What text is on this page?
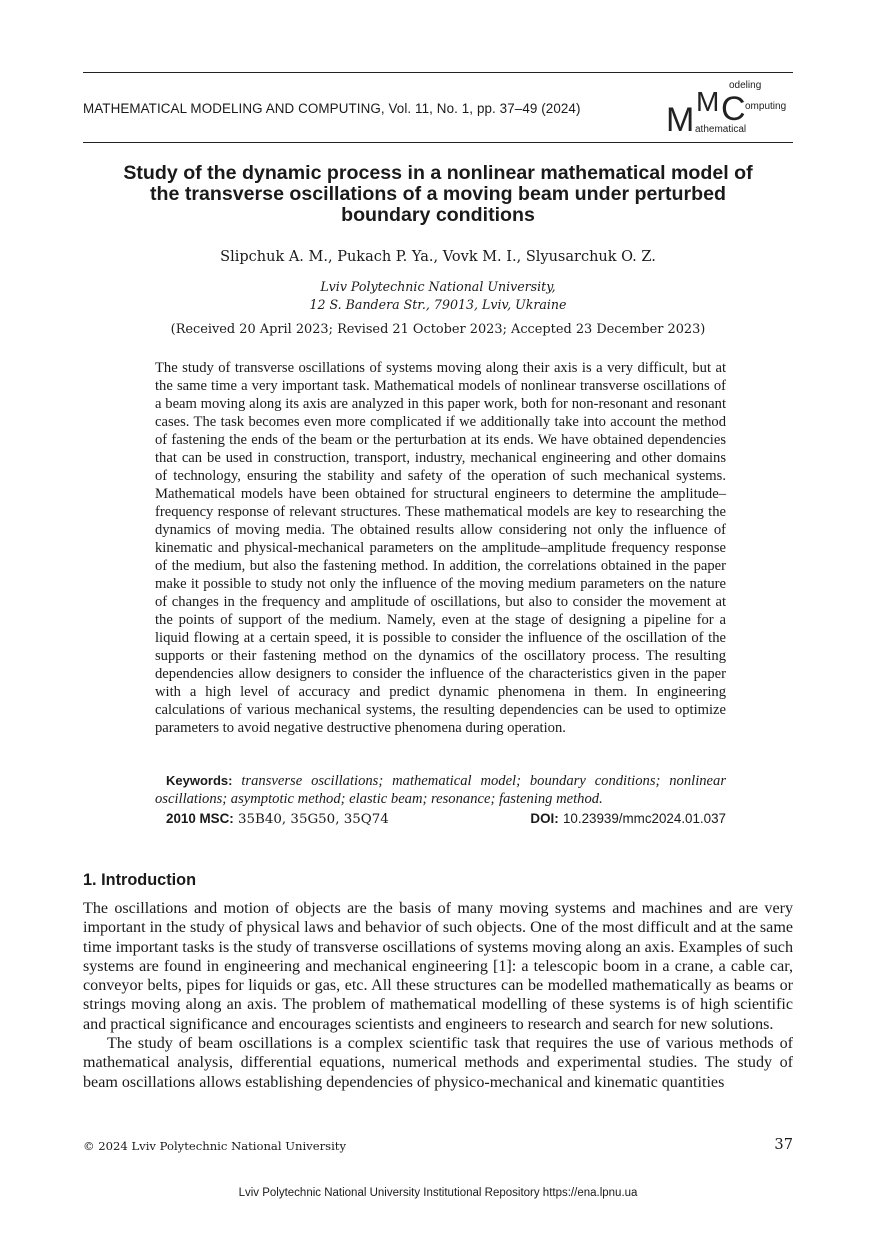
MATHEMATICAL MODELING AND COMPUTING, Vol. 11, No. 1, pp. 37–49 (2024)	M M C
odeling
omputing
athematical
Study of the dynamic process in a nonlinear mathematical model of
the transverse oscillations of a moving beam under perturbed
boundary conditions
Slipchuk A. M., Pukach P. Ya., Vovk M. I., Slyusarchuk O. Z.
Lviv Polytechnic National University,
12 S. Bandera Str., 79013, Lviv, Ukraine
(Received 20 April 2023; Revised 21 October 2023; Accepted 23 December 2023)
The study of transverse oscillations of systems moving along their axis is a very difficult, but at the same time a very important task. Mathematical models of nonlinear transverse oscillations of a beam moving along its axis are analyzed in this paper work, both for non-resonant and resonant cases. The task becomes even more complicated if we additionally take into account the method of fastening the ends of the beam or the perturbation at its ends. We have obtained dependencies that can be used in construction, transport, industry, mechanical engineering and other domains of technology, ensuring the stability and safety of the operation of such mechanical systems. Mathematical models have been obtained for structural engineers to determine the amplitude–frequency response of relevant structures. These mathematical models are key to researching the dynamics of moving media. The obtained results allow considering not only the influence of kinematic and physical-mechanical parameters on the amplitude–amplitude frequency response of the medium, but also the fastening method. In addition, the correlations obtained in the paper make it possible to study not only the influence of the moving medium parameters on the nature of changes in the frequency and amplitude of oscillations, but also to consider the movement at the points of support of the medium. Namely, even at the stage of designing a pipeline for a liquid flowing at a certain speed, it is possible to consider the influence of the oscillation of the supports or their fastening method on the dynamics of the oscillatory process. The resulting dependencies allow designers to consider the influence of the characteristics given in the paper with a high level of accuracy and predict dynamic phenomena in them. In engineering calculations of various mechanical systems, the resulting dependencies can be used to optimize parameters to avoid negative destructive phenomena during operation.
Keywords: transverse oscillations; mathematical model; boundary conditions; nonlinear oscillations; asymptotic method; elastic beam; resonance; fastening method.
2010 MSC: 35B40, 35G50, 35Q74	DOI: 10.23939/mmc2024.01.037
1. Introduction

The oscillations and motion of objects are the basis of many moving systems and machines and are very important in the study of physical laws and behavior of such objects. One of the most difficult and at the same time important tasks is the study of transverse oscillations of systems moving along an axis. Examples of such systems are found in engineering and mechanical engineering [1]: a telescopic boom in a crane, a cable car, conveyor belts, pipes for liquids or gas, etc. All these structures can be modelled mathematically as beams or strings moving along an axis. The problem of mathematical modelling of these systems is of high scientific and practical significance and encourages scientists and engineers to research and search for new solutions.

The study of beam oscillations is a complex scientific task that requires the use of various methods of mathematical analysis, differential equations, numerical methods and experimental studies. The study of beam oscillations allows establishing dependencies of physico-mechanical and kinematic quantities

© 2024 Lviv Polytechnic National University	37
Lviv Polytechnic National University Institutional Repository https://ena.lpnu.ua
